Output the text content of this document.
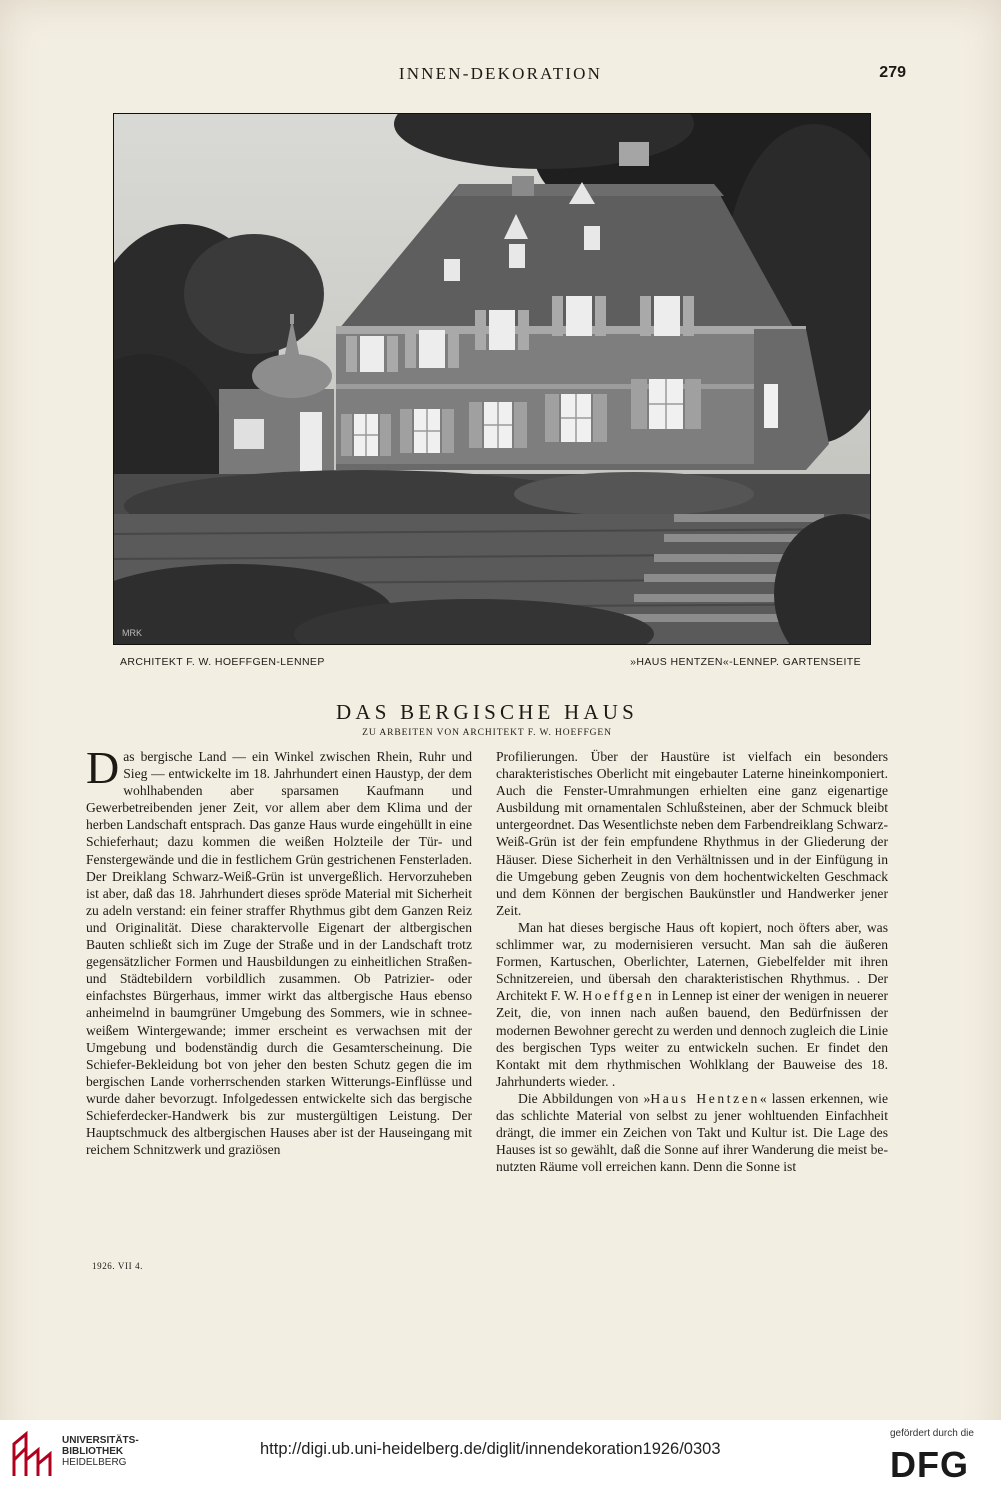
INNEN-DEKORATION	279
MRK
ARCHITEKT F. W. HOEFFGEN-LENNEP	»HAUS HENTZEN«-LENNEP. GARTENSEITE
DAS BERGISCHE HAUS
ZU ARBEITEN VON ARCHITEKT F. W. HOEFFGEN

Das bergische Land — ein Winkel zwischen Rhein, Ruhr und Sieg — entwickelte im 18. Jahrhundert einen Haustyp, der dem wohlhabenden aber sparsamen Kaufmann und Gewerbetreibenden jener Zeit, vor allem aber dem Klima und der herben Landschaft entsprach. Das ganze Haus wurde eingehüllt in eine Schieferhaut; dazu kommen die weißen Holzteile der Tür- und Fenstergewände und die in festlichem Grün gestrichenen Fensterladen. Der Dreiklang Schwarz-Weiß-Grün ist unvergeßlich. Hervorzuheben ist aber, daß das 18. Jahrhundert dieses spröde Material mit Sicherheit zu adeln verstand: ein feiner straffer Rhythmus gibt dem Ganzen Reiz und Originalität. Diese charaktervolle Eigenart der altbergischen Bauten schließt sich im Zuge der Straße und in der Landschaft trotz gegensätzlicher Formen und Hausbildungen zu einheitlichen Straßen- und Städtebildern vorbildlich zusammen. Ob Patrizier- oder einfachstes Bürgerhaus, immer wirkt das altbergische Haus ebenso anheimelnd in baumgrüner Umgebung des Sommers, wie in schneeweißem Wintergewande; immer erscheint es verwachsen mit der Umgebung und bodenständig durch die Gesamterscheinung. Die Schiefer-Bekleidung bot von jeher den besten Schutz gegen die im bergischen Lande vorherrschenden starken Witterungs-Einflüsse und wurde daher bevorzugt. Infolgedessen entwickelte sich das bergische Schieferdecker-Handwerk bis zur mustergültigen Leistung. Der Hauptschmuck des altbergischen Hauses aber ist der Hauseingang mit reichem Schnitzwerk und graziösen

Profilierungen. Über der Haustüre ist vielfach ein besonders charakteristisches Oberlicht mit eingebauter Laterne hineinkomponiert. Auch die Fenster-Umrahmungen erhielten eine ganz eigenartige Ausbildung mit ornamentalen Schlußsteinen, aber der Schmuck bleibt untergeordnet. Das Wesentlichste neben dem Farbendreiklang Schwarz-Weiß-Grün ist der fein empfundene Rhythmus in der Gliederung der Häuser. Diese Sicherheit in den Verhältnissen und in der Einfügung in die Umgebung geben Zeugnis von dem hochentwickelten Geschmack und dem Können der bergischen Baukünstler und Handwerker jener Zeit.

Man hat dieses bergische Haus oft kopiert, noch öfters aber, was schlimmer war, zu modernisieren versucht. Man sah die äußeren Formen, Kartuschen, Oberlichter, Laternen, Giebelfelder mit ihren Schnitzereien, und übersah den charakteristischen Rhythmus. . Der Architekt F. W. Hoeffgen in Lennep ist einer der wenigen in neuerer Zeit, die, von innen nach außen bauend, den Bedürfnissen der modernen Bewohner gerecht zu werden und dennoch zugleich die Linie des bergischen Typs weiter zu entwickeln suchen. Er findet den Kontakt mit dem rhythmischen Wohlklang der Bauweise des 18. Jahrhunderts wieder. .

Die Abbildungen von »Haus Hentzen« lassen erkennen, wie das schlichte Material von selbst zu jener wohltuenden Einfachheit drängt, die immer ein Zeichen von Takt und Kultur ist. Die Lage des Hauses ist so gewählt, daß die Sonne auf ihrer Wanderung die meist benutzten Räume voll erreichen kann. Denn die Sonne ist

1926. VII 4.
UNIVERSITÄTS-
BIBLIOTHEK
HEIDELBERG
http://digi.ub.uni-heidelberg.de/diglit/innendekoration1926/0303
gefördert durch die
DFG
